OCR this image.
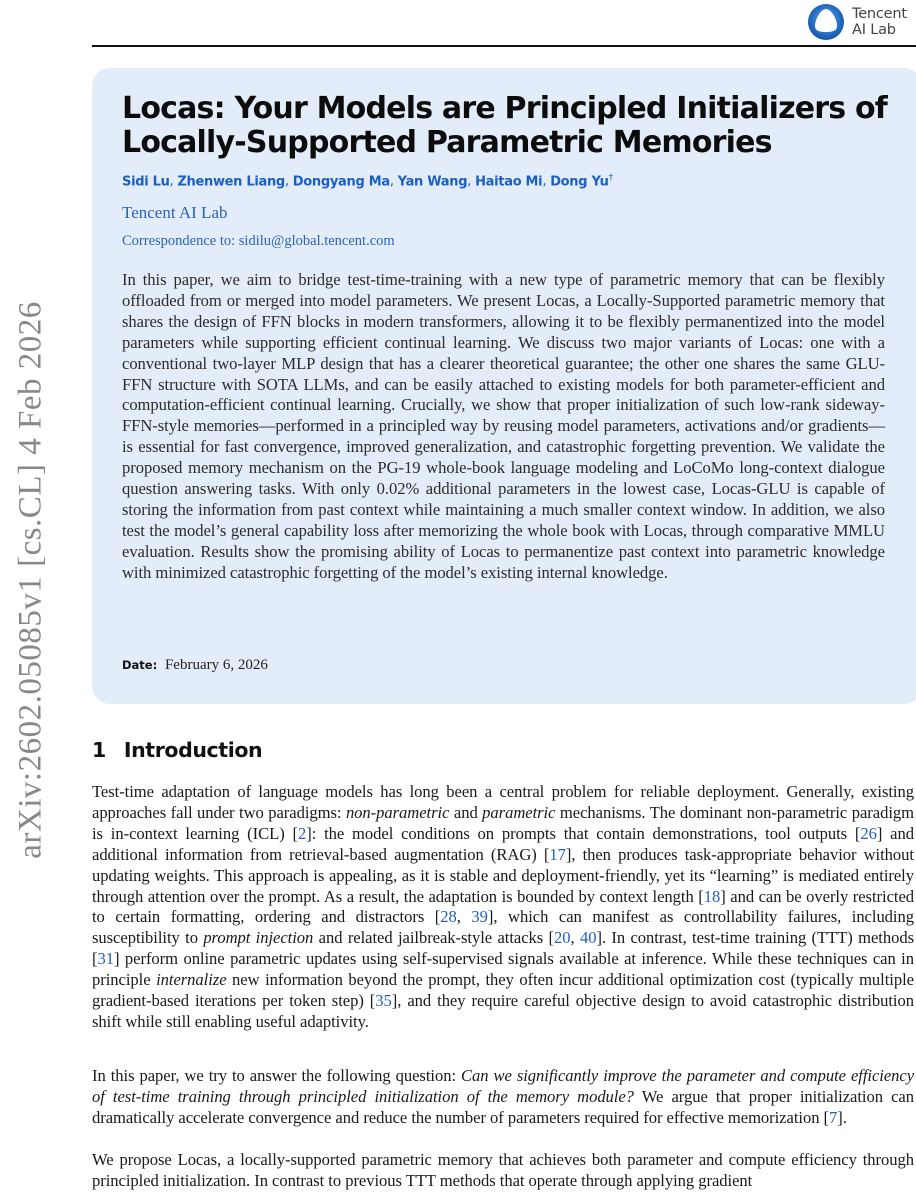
arXiv:2602.05085v1 [cs.CL] 4 Feb 2026
Tencent
AI Lab
Locas: Your Models are Principled Initializers of Locally-Supported Parametric Memories
Sidi Lu, Zhenwen Liang, Dongyang Ma, Yan Wang, Haitao Mi, Dong Yu†
Tencent AI Lab
Correspondence to: sidilu@global.tencent.com

In this paper, we aim to bridge test-time-training with a new type of parametric memory that can be flexibly offloaded from or merged into model parameters. We present Locas, a Locally-Supported parametric memory that shares the design of FFN blocks in modern transformers, allowing it to be flexibly permanentized into the model parameters while supporting efficient continual learning. We discuss two major variants of Locas: one with a conventional two-layer MLP design that has a clearer theoretical guarantee; the other one shares the same GLU-FFN structure with SOTA LLMs, and can be easily attached to existing models for both parameter-efficient and computation-efficient continual learning. Crucially, we show that proper initialization of such low-rank sideway-FFN-style memories—performed in a principled way by reusing model parameters, activations and/or gradients—is essential for fast convergence, improved generalization, and catastrophic forgetting prevention. We validate the proposed memory mechanism on the PG-19 whole-book language modeling and LoCoMo long-context dialogue question answering tasks. With only 0.02% additional parameters in the lowest case, Locas-GLU is capable of storing the information from past context while maintaining a much smaller context window. In addition, we also test the model’s general capability loss after memorizing the whole book with Locas, through comparative MMLU evaluation. Results show the promising ability of Locas to permanentize past context into parametric knowledge with minimized catastrophic forgetting of the model’s existing internal knowledge.

Date: February 6, 2026
1 Introduction

Test-time adaptation of language models has long been a central problem for reliable deployment. Generally, existing approaches fall under two paradigms: non-parametric and parametric mechanisms. The dominant non-parametric paradigm is in-context learning (ICL) [2]: the model conditions on prompts that contain demonstrations, tool outputs [26] and additional information from retrieval-based augmentation (RAG) [17], then produces task-appropriate behavior without updating weights. This approach is appealing, as it is stable and deployment-friendly, yet its “learning” is mediated entirely through attention over the prompt. As a result, the adaptation is bounded by context length [18] and can be overly restricted to certain formatting, ordering and distractors [28, 39], which can manifest as controllability failures, including susceptibility to prompt injection and related jailbreak-style attacks [20, 40]. In contrast, test-time training (TTT) methods [31] perform online parametric updates using self-supervised signals available at inference. While these techniques can in principle internalize new information beyond the prompt, they often incur additional optimization cost (typically multiple gradient-based iterations per token step) [35], and they require careful objective design to avoid catastrophic distribution shift while still enabling useful adaptivity.

In this paper, we try to answer the following question: Can we significantly improve the parameter and compute efficiency of test-time training through principled initialization of the memory module? We argue that proper initialization can dramatically accelerate convergence and reduce the number of parameters required for effective memorization [7].

We propose Locas, a locally-supported parametric memory that achieves both parameter and compute efficiency through principled initialization. In contrast to previous TTT methods that operate through applying gradient
